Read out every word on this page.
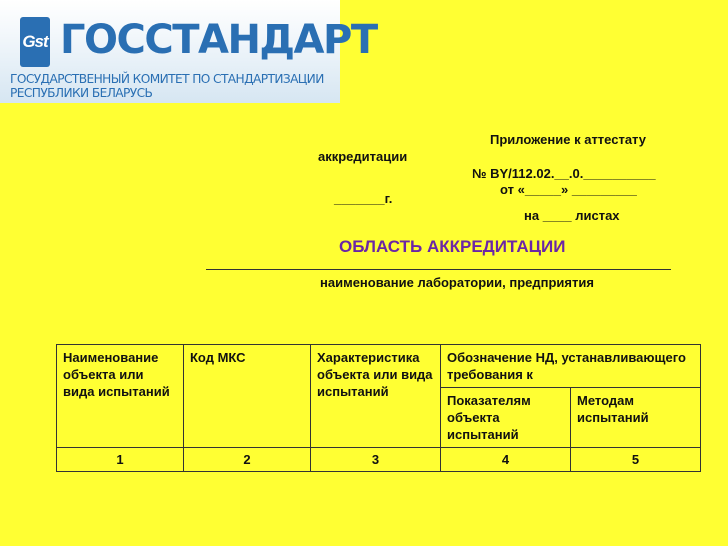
Gst ГОССТАНДАРТ
ГОСУДАРСТВЕННЫЙ КОМИТЕТ ПО СТАНДАРТИЗАЦИИ
РЕСПУБЛИКИ БЕЛАРУСЬ
Приложение к аттестату
аккредитации
№ BY/112.02.__.0.__________
от «_____» _________
_______г.
на ____ листах
ОБЛАСТЬ АККРЕДИТАЦИИ
наименование лаборатории, предприятия
Наименование объекта или вида испытаний	Код МКС	Характеристика объекта или вида испытаний	Обозначение НД, устанавливающего требования к	
			Показателям объекта испытаний	Методам испытаний
1	2	3	4	5
